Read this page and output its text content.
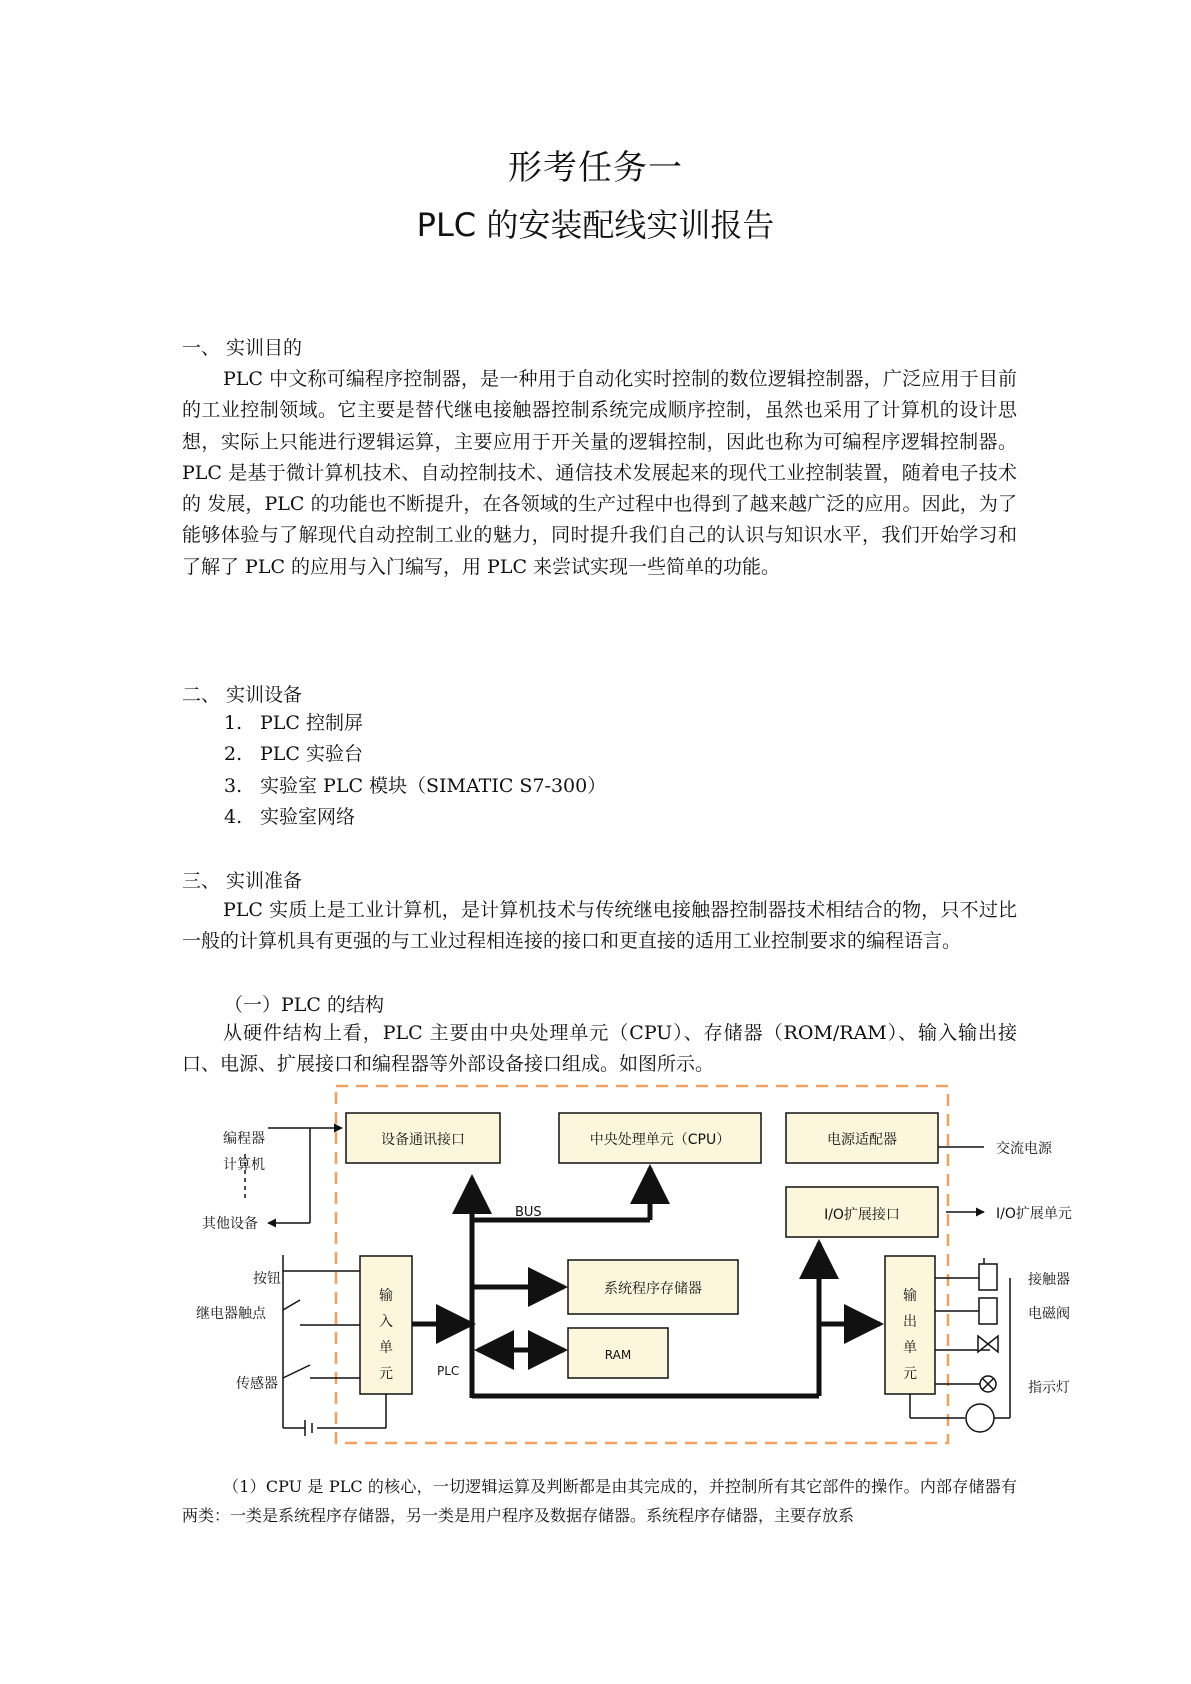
形考任务一
PLC 的安装配线实训报告

一、 实训目的

PLC 中文称可编程序控制器，是一种用于自动化实时控制的数位逻辑控制器，广泛应用于目前的工业控制领域。它主要是替代继电接触器控制系统完成顺序控制，虽然也采用了计算机的设计思想，实际上只能进行逻辑运算，主要应用于开关量的逻辑控制，因此也称为可编程序逻辑控制器。PLC 是基于微计算机技术、自动控制技术、通信技术发展起来的现代工业控制装置，随着电子技术的 发展，PLC 的功能也不断提升，在各领域的生产过程中也得到了越来越广泛的应用。因此，为了能够体验与了解现代自动控制工业的魅力，同时提升我们自己的认识与知识水平，我们开始学习和了解了 PLC 的应用与入门编写，用 PLC 来尝试实现一些简单的功能。

二、 实训设备

1. PLC 控制屏
2. PLC 实验台
3. 实验室 PLC 模块（SIMATIC S7-300）
4. 实验室网络

三、 实训准备

PLC 实质上是工业计算机，是计算机技术与传统继电接触器控制器技术相结合的物，只不过比一般的计算机具有更强的与工业过程相连接的接口和更直接的适用工业控制要求的编程语言。

（一）PLC 的结构

从硬件结构上看，PLC 主要由中央处理单元（CPU）、存储器（ROM/RAM）、输入输出接口、电源、扩展接口和编程器等外部设备接口组成。如图所示。

设备通讯接口	中央处理单元（CPU）	电源适配器
I/O扩展接口
系统程序存储器
RAM
输
入
单
元
输
出
单
元
BUS
PLC
编程器
计算机
其他设备
按钮
继电器触点
传感器
交流电源
I/O扩展单元
接触器
电磁阀
指示灯

（1）CPU 是 PLC 的核心，一切逻辑运算及判断都是由其完成的，并控制所有其它部件的操作。内部存储器有两类：一类是系统程序存储器，另一类是用户程序及数据存储器。系统程序存储器，主要存放系
